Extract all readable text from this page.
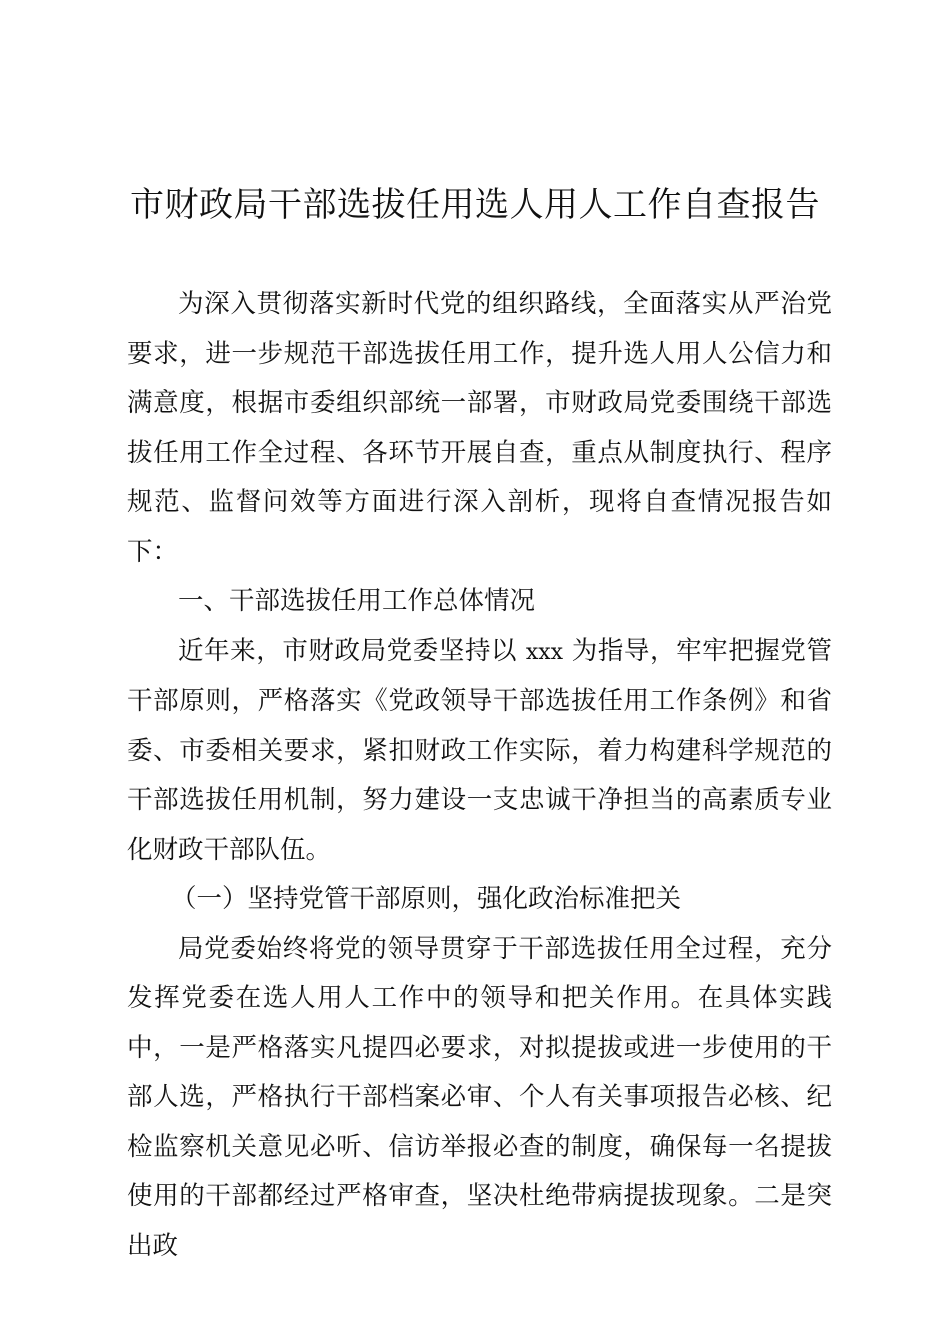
市财政局干部选拔任用选人用人工作自查报告

为深入贯彻落实新时代党的组织路线，全面落实从严治党要求，进一步规范干部选拔任用工作，提升选人用人公信力和满意度，根据市委组织部统一部署，市财政局党委围绕干部选拔任用工作全过程、各环节开展自查，重点从制度执行、程序规范、监督问效等方面进行深入剖析，现将自查情况报告如下：

一、干部选拔任用工作总体情况

近年来，市财政局党委坚持以 xxx 为指导，牢牢把握党管干部原则，严格落实《党政领导干部选拔任用工作条例》和省委、市委相关要求，紧扣财政工作实际，着力构建科学规范的干部选拔任用机制，努力建设一支忠诚干净担当的高素质专业化财政干部队伍。

（一）坚持党管干部原则，强化政治标准把关

局党委始终将党的领导贯穿于干部选拔任用全过程，充分发挥党委在选人用人工作中的领导和把关作用。在具体实践中，一是严格落实凡提四必要求，对拟提拔或进一步使用的干部人选，严格执行干部档案必审、个人有关事项报告必核、纪检监察机关意见必听、信访举报必查的制度，确保每一名提拔使用的干部都经过严格审查，坚决杜绝带病提拔现象。二是突出政
